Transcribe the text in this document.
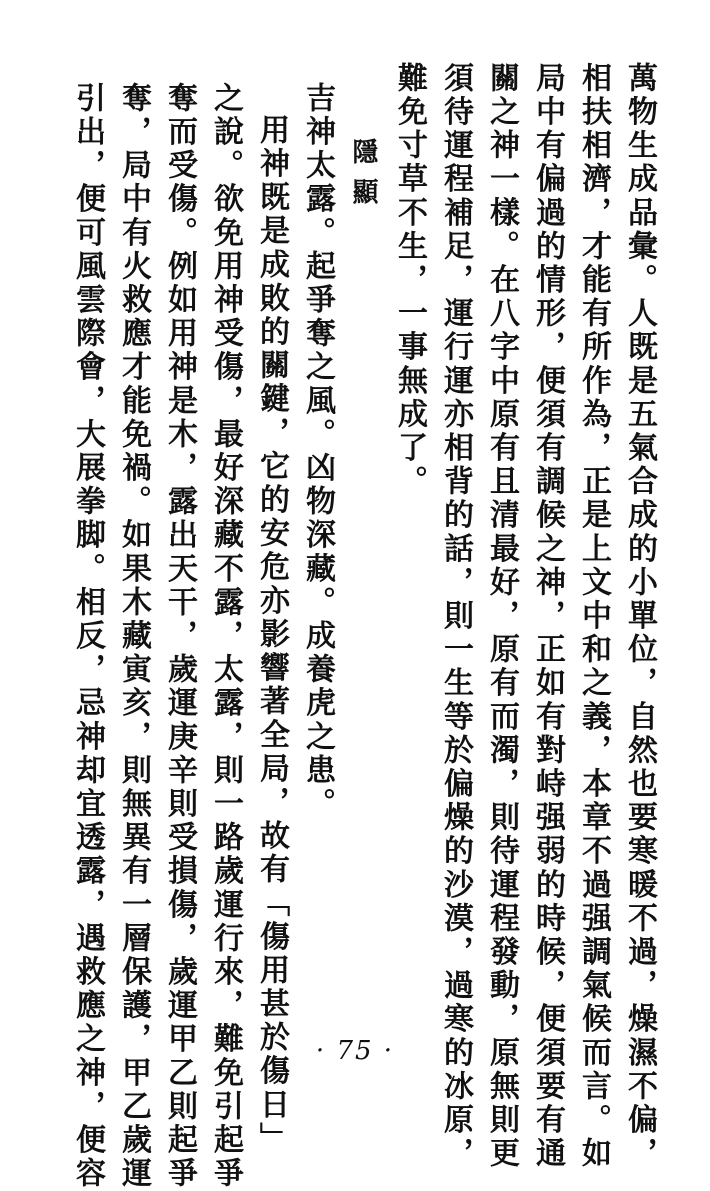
萬物生成品彙。人既是五氣合成的小單位，自然也要寒暖不過，燥濕不偏，
相扶相濟，才能有所作為，正是上文中和之義，本章不過强調氣候而言。如
局中有偏過的情形，便須有調候之神，正如有對峙强弱的時候，便須要有通
關之神一樣。在八字中原有且清最好，原有而濁，則待運程發動，原無則更
須待運程補足，運行運亦相背的話，則一生等於偏燥的沙漠，過寒的冰原，
難免寸草不生，一事無成了。
隱顯
吉神太露。起爭奪之風。凶物深藏。成養虎之患。
用神既是成敗的關鍵，它的安危亦影響著全局，故有「傷用甚於傷日」
之說。欲免用神受傷，最好深藏不露，太露，則一路歲運行來，難免引起爭
奪而受傷。例如用神是木，露出天干，歲運庚辛則受損傷，歲運甲乙則起爭
奪，局中有火救應才能免禍。如果木藏寅亥，則無異有一層保護，甲乙歲運
引出，便可風雲際會，大展拳脚。相反，忌神却宜透露，遇救應之神，便容	· 75 ·
